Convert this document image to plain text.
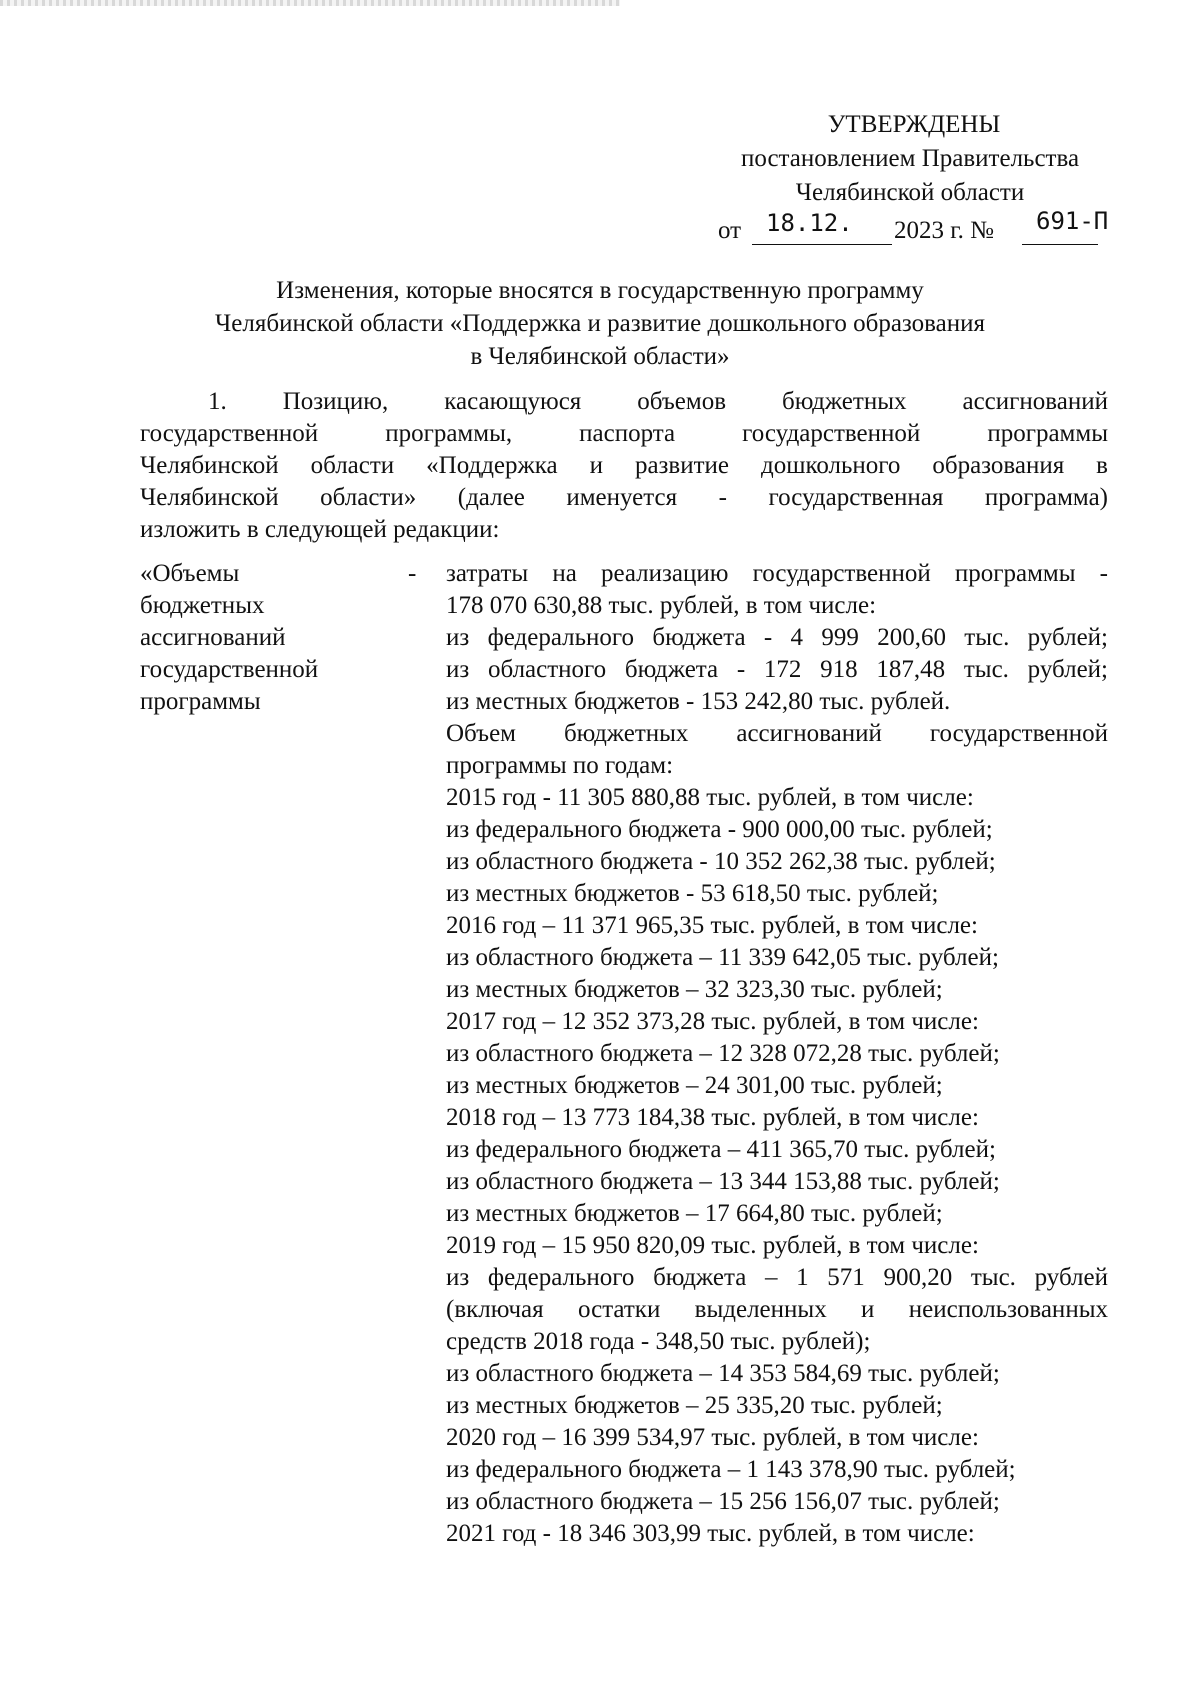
УТВЕРЖДЕНЫ
постановлением Правительства
Челябинской области
от 18.12. 2023 г. № 691-П
Изменения, которые вносятся в государственную программу
Челябинской области «Поддержка и развитие дошкольного образования
в Челябинской области»
1. Позицию, касающуюся объемов бюджетных ассигнований
государственной программы, паспорта государственной программы
Челябинской области «Поддержка и развитие дошкольного образования в
Челябинской области» (далее именуется - государственная программа)
изложить в следующей редакции:
«Объемы
бюджетных
ассигнований
государственной
программы
- затраты на реализацию государственной программы -
178 070 630,88 тыс. рублей, в том числе:
из федерального бюджета - 4 999 200,60 тыс. рублей;
из областного бюджета - 172 918 187,48 тыс. рублей;
из местных бюджетов - 153 242,80 тыс. рублей.
Объем бюджетных ассигнований государственной
программы по годам:
2015 год - 11 305 880,88 тыс. рублей, в том числе:
из федерального бюджета - 900 000,00 тыс. рублей;
из областного бюджета - 10 352 262,38 тыс. рублей;
из местных бюджетов - 53 618,50 тыс. рублей;
2016 год – 11 371 965,35 тыс. рублей, в том числе:
из областного бюджета – 11 339 642,05 тыс. рублей;
из местных бюджетов – 32 323,30 тыс. рублей;
2017 год – 12 352 373,28 тыс. рублей, в том числе:
из областного бюджета – 12 328 072,28 тыс. рублей;
из местных бюджетов – 24 301,00 тыс. рублей;
2018 год – 13 773 184,38 тыс. рублей, в том числе:
из федерального бюджета – 411 365,70 тыс. рублей;
из областного бюджета – 13 344 153,88 тыс. рублей;
из местных бюджетов – 17 664,80 тыс. рублей;
2019 год – 15 950 820,09 тыс. рублей, в том числе:
из федерального бюджета – 1 571 900,20 тыс. рублей
(включая остатки выделенных и неиспользованных
средств 2018 года - 348,50 тыс. рублей);
из областного бюджета – 14 353 584,69 тыс. рублей;
из местных бюджетов – 25 335,20 тыс. рублей;
2020 год – 16 399 534,97 тыс. рублей, в том числе:
из федерального бюджета – 1 143 378,90 тыс. рублей;
из областного бюджета – 15 256 156,07 тыс. рублей;
2021 год - 18 346 303,99 тыс. рублей, в том числе:
